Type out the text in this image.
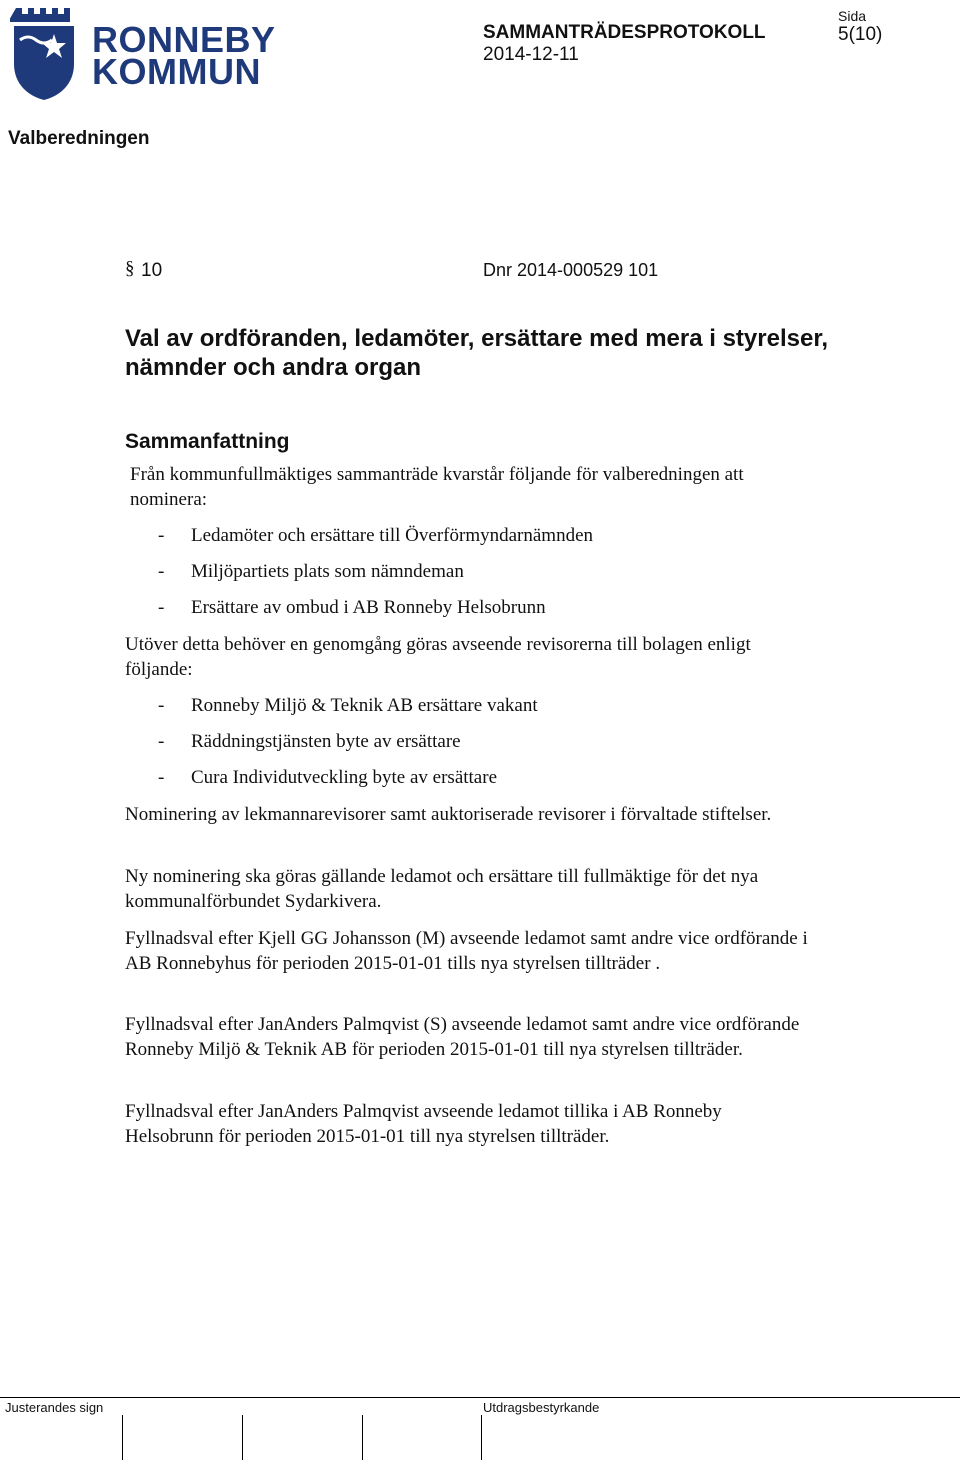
RONNEBY
KOMMUN
SAMMANTRÄDESPROTOKOLL
2014-12-11
Sida
5(10)
Valberedningen
§ 10	Dnr 2014-000529 101
Val av ordföranden, ledamöter, ersättare med mera i styrelser, nämnder och andra organ
Sammanfattning
Från kommunfullmäktiges sammanträde kvarstår följande för valberedningen att nominera:
- Ledamöter och ersättare till Överförmyndarnämnden
- Miljöpartiets plats som nämndeman
- Ersättare av ombud i AB Ronneby Helsobrunn
Utöver detta behöver en genomgång göras avseende revisorerna till bolagen enligt följande:
- Ronneby Miljö & Teknik AB ersättare vakant
- Räddningstjänsten byte av ersättare
- Cura Individutveckling byte av ersättare
Nominering av lekmannarevisorer samt auktoriserade revisorer i förvaltade stiftelser.
Ny nominering ska göras gällande ledamot och ersättare till fullmäktige för det nya kommunalförbundet Sydarkivera.
Fyllnadsval efter Kjell GG Johansson (M) avseende ledamot samt andre vice ordförande i AB Ronnebyhus för perioden 2015-01-01 tills nya styrelsen tillträder .
Fyllnadsval efter JanAnders Palmqvist (S) avseende ledamot samt andre vice ordförande Ronneby Miljö & Teknik AB för perioden 2015-01-01 till nya styrelsen tillträder.
Fyllnadsval efter JanAnders Palmqvist avseende ledamot tillika i AB Ronneby Helsobrunn för perioden 2015-01-01 till nya styrelsen tillträder.
Justerandes sign	Utdragsbestyrkande
